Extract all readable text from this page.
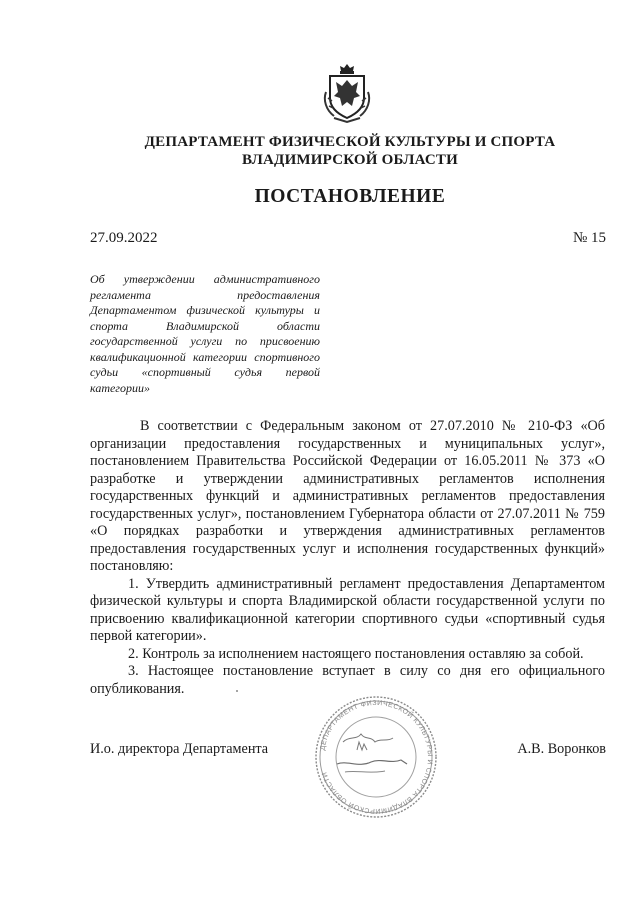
ДЕПАРТАМЕНТ ФИЗИЧЕСКОЙ КУЛЬТУРЫ И СПОРТА
ВЛАДИМИРСКОЙ ОБЛАСТИ
ПОСТАНОВЛЕНИЕ
27.09.2022	№ 15
Об утверждении административного регламента предоставления Департаментом физической культуры и спорта Владимирской области государственной услуги по присвоению квалификационной категории спортивного судьи «спортивный судья первой категории»

В соответствии с Федеральным законом от 27.07.2010 № 210-ФЗ «Об организации предоставления государственных и муниципальных услуг», постановлением Правительства Российской Федерации от 16.05.2011 № 373 «О разработке и утверждении административных регламентов исполнения государственных функций и административных регламентов предоставления государственных услуг», постановлением Губернатора области от 27.07.2011 № 759 «О порядках разработки и утверждения административных регламентов предоставления государственных услуг и исполнения государственных функций» постановляю:

1. Утвердить административный регламент предоставления Департаментом физической культуры и спорта Владимирской области государственной услуги по присвоению квалификационной категории спортивного судьи «спортивный судья первой категории».

2. Контроль за исполнением настоящего постановления оставляю за собой.

3. Настоящее постановление вступает в силу со дня его официального опубликования.

ДЕПАРТАМЕНТ ФИЗИЧЕСКОЙ КУЛЬТУРЫ И СПОРТА ВЛАДИМИРСКОЙ ОБЛАСТИ
И.о. директора Департамента	А.В. Воронков
